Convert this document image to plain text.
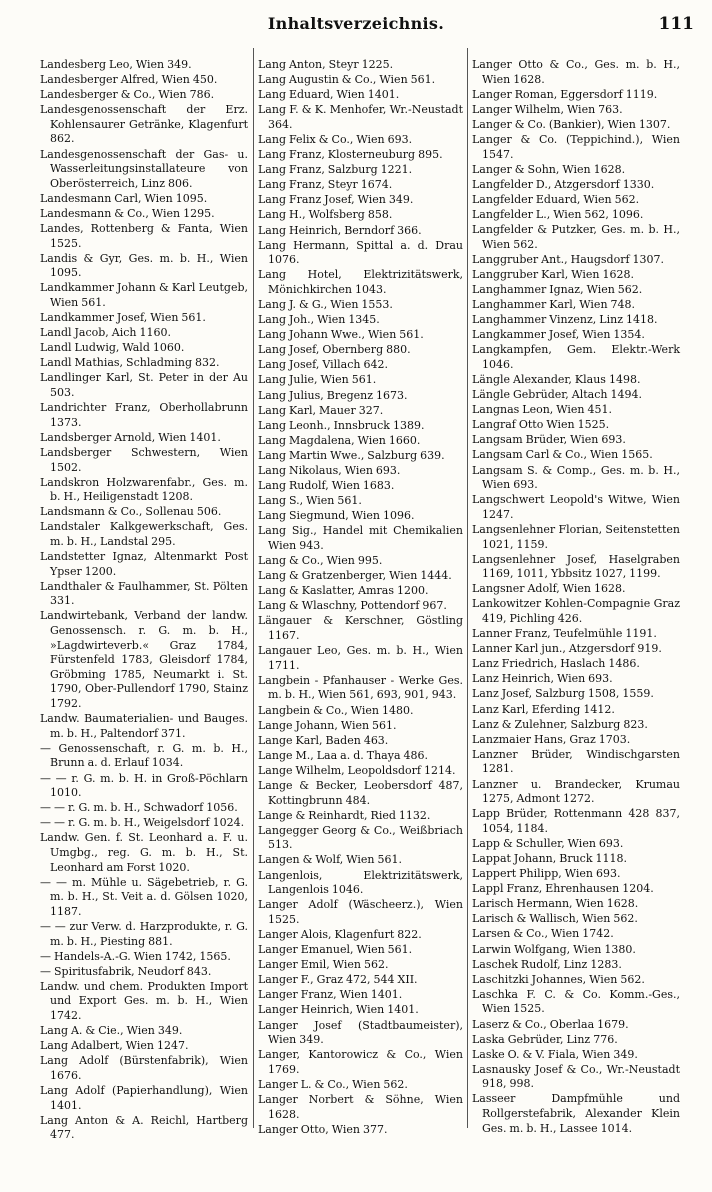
Inhaltsverzeichnis.	111

Landesberg Leo, Wien 349.

Landesberger Alfred, Wien 450.

Landesberger & Co., Wien 786.

Landesgenossenschaft der Erz. Kohlensaurer Getränke, Klagenfurt 862.

Landesgenossenschaft der Gas- u. Wasserleitungsinstallateure von Oberösterreich, Linz 806.

Landesmann Carl, Wien 1095.

Landesmann & Co., Wien 1295.

Landes, Rottenberg & Fanta, Wien 1525.

Landis & Gyr, Ges. m. b. H., Wien 1095.

Landkammer Johann & Karl Leutgeb, Wien 561.

Landkammer Josef, Wien 561.

Landl Jacob, Aich 1160.

Landl Ludwig, Wald 1060.

Landl Mathias, Schladming 832.

Landlinger Karl, St. Peter in der Au 503.

Landrichter Franz, Oberhollabrunn 1373.

Landsberger Arnold, Wien 1401.

Landsberger Schwestern, Wien 1502.

Landskron Holzwarenfabr., Ges. m. b. H., Heiligenstadt 1208.

Landsmann & Co., Sollenau 506.

Landstaler Kalkgewerkschaft, Ges. m. b. H., Landstal 295.

Landstetter Ignaz, Altenmarkt Post Ypser 1200.

Landthaler & Faulhammer, St. Pölten 331.

Landwirtebank, Verband der landw. Genossensch. r. G. m. b. H., »Lagdwirteverb.« Graz 1784, Fürstenfeld 1783, Gleisdorf 1784, Gröbming 1785, Neumarkt i. St. 1790, Ober-Pullendorf 1790, Stainz 1792.

Landw. Baumaterialien- und Bauges. m. b. H., Paltendorf 371.

— Genossenschaft, r. G. m. b. H., Brunn a. d. Erlauf 1034.

— — r. G. m. b. H. in Groß-Pöchlarn 1010.

— — r. G. m. b. H., Schwadorf 1056.

— — r. G. m. b. H., Weigelsdorf 1024.

Landw. Gen. f. St. Leonhard a. F. u. Umgbg., reg. G. m. b. H., St. Leonhard am Forst 1020.

— — m. Mühle u. Sägebetrieb, r. G. m. b. H., St. Veit a. d. Gölsen 1020, 1187.

— — zur Verw. d. Harzprodukte, r. G. m. b. H., Piesting 881.

— Handels-A.-G. Wien 1742, 1565.

— Spiritusfabrik, Neudorf 843.

Landw. und chem. Produkten Import und Export Ges. m. b. H., Wien 1742.

Lang A. & Cie., Wien 349.

Lang Adalbert, Wien 1247.

Lang Adolf (Bürstenfabrik), Wien 1676.

Lang Adolf (Papierhandlung), Wien 1401.

Lang Anton & A. Reichl, Hartberg 477.

Lang Anton, Steyr 1225.

Lang Augustin & Co., Wien 561.

Lang Eduard, Wien 1401.

Lang F. & K. Menhofer, Wr.-Neustadt 364.

Lang Felix & Co., Wien 693.

Lang Franz, Klosterneuburg 895.

Lang Franz, Salzburg 1221.

Lang Franz, Steyr 1674.

Lang Franz Josef, Wien 349.

Lang H., Wolfsberg 858.

Lang Heinrich, Berndorf 366.

Lang Hermann, Spittal a. d. Drau 1076.

Lang Hotel, Elektrizitätswerk, Mönichkirchen 1043.

Lang J. & G., Wien 1553.

Lang Joh., Wien 1345.

Lang Johann Wwe., Wien 561.

Lang Josef, Obernberg 880.

Lang Josef, Villach 642.

Lang Julie, Wien 561.

Lang Julius, Bregenz 1673.

Lang Karl, Mauer 327.

Lang Leonh., Innsbruck 1389.

Lang Magdalena, Wien 1660.

Lang Martin Wwe., Salzburg 639.

Lang Nikolaus, Wien 693.

Lang Rudolf, Wien 1683.

Lang S., Wien 561.

Lang Siegmund, Wien 1096.

Lang Sig., Handel mit Chemikalien Wien 943.

Lang & Co., Wien 995.

Lang & Gratzenberger, Wien 1444.

Lang & Kaslatter, Amras 1200.

Lang & Wlaschny, Pottendorf 967.

Längauer & Kerschner, Göstling 1167.

Langauer Leo, Ges. m. b. H., Wien 1711.

Langbein - Pfanhauser - Werke Ges. m. b. H., Wien 561, 693, 901, 943.

Langbein & Co., Wien 1480.

Lange Johann, Wien 561.

Lange Karl, Baden 463.

Lange M., Laa a. d. Thaya 486.

Lange Wilhelm, Leopoldsdorf 1214.

Lange & Becker, Leobersdorf 487, Kottingbrunn 484.

Lange & Reinhardt, Ried 1132.

Langegger Georg & Co., Weißbriach 513.

Langen & Wolf, Wien 561.

Langenlois, Elektrizitätswerk, Langenlois 1046.

Langer Adolf (Wäscheerz.), Wien 1525.

Langer Alois, Klagenfurt 822.

Langer Emanuel, Wien 561.

Langer Emil, Wien 562.

Langer F., Graz 472, 544 XII.

Langer Franz, Wien 1401.

Langer Heinrich, Wien 1401.

Langer Josef (Stadtbaumeister), Wien 349.

Langer, Kantorowicz & Co., Wien 1769.

Langer L. & Co., Wien 562.

Langer Norbert & Söhne, Wien 1628.

Langer Otto, Wien 377.

Langer Otto & Co., Ges. m. b. H., Wien 1628.

Langer Roman, Eggersdorf 1119.

Langer Wilhelm, Wien 763.

Langer & Co. (Bankier), Wien 1307.

Langer & Co. (Teppichind.), Wien 1547.

Langer & Sohn, Wien 1628.

Langfelder D., Atzgersdorf 1330.

Langfelder Eduard, Wien 562.

Langfelder L., Wien 562, 1096.

Langfelder & Putzker, Ges. m. b. H., Wien 562.

Langgruber Ant., Haugsdorf 1307.

Langgruber Karl, Wien 1628.

Langhammer Ignaz, Wien 562.

Langhammer Karl, Wien 748.

Langhammer Vinzenz, Linz 1418.

Langkammer Josef, Wien 1354.

Langkampfen, Gem. Elektr.-Werk 1046.

Längle Alexander, Klaus 1498.

Längle Gebrüder, Altach 1494.

Langnas Leon, Wien 451.

Langraf Otto Wien 1525.

Langsam Brüder, Wien 693.

Langsam Carl & Co., Wien 1565.

Langsam S. & Comp., Ges. m. b. H., Wien 693.

Langschwert Leopold's Witwe, Wien 1247.

Langsenlehner Florian, Seitenstetten 1021, 1159.

Langsenlehner Josef, Haselgraben 1169, 1011, Ybbsitz 1027, 1199.

Langsner Adolf, Wien 1628.

Lankowitzer Kohlen-Compagnie Graz 419, Pichling 426.

Lanner Franz, Teufelmühle 1191.

Lanner Karl jun., Atzgersdorf 919.

Lanz Friedrich, Haslach 1486.

Lanz Heinrich, Wien 693.

Lanz Josef, Salzburg 1508, 1559.

Lanz Karl, Eferding 1412.

Lanz & Zulehner, Salzburg 823.

Lanzmaier Hans, Graz 1703.

Lanzner Brüder, Windischgarsten 1281.

Lanzner u. Brandecker, Krumau 1275, Admont 1272.

Lapp Brüder, Rottenmann 428 837, 1054, 1184.

Lapp & Schuller, Wien 693.

Lappat Johann, Bruck 1118.

Lappert Philipp, Wien 693.

Lappl Franz, Ehrenhausen 1204.

Larisch Hermann, Wien 1628.

Larisch & Wallisch, Wien 562.

Larsen & Co., Wien 1742.

Larwin Wolfgang, Wien 1380.

Laschek Rudolf, Linz 1283.

Laschitzki Johannes, Wien 562.

Laschka F. C. & Co. Komm.-Ges., Wien 1525.

Laserz & Co., Oberlaa 1679.

Laska Gebrüder, Linz 776.

Laske O. & V. Fiala, Wien 349.

Lasnausky Josef & Co., Wr.-Neustadt 918, 998.

Lasseer Dampfmühle und Rollgerstefabrik, Alexander Klein Ges. m. b. H., Lassee 1014.
